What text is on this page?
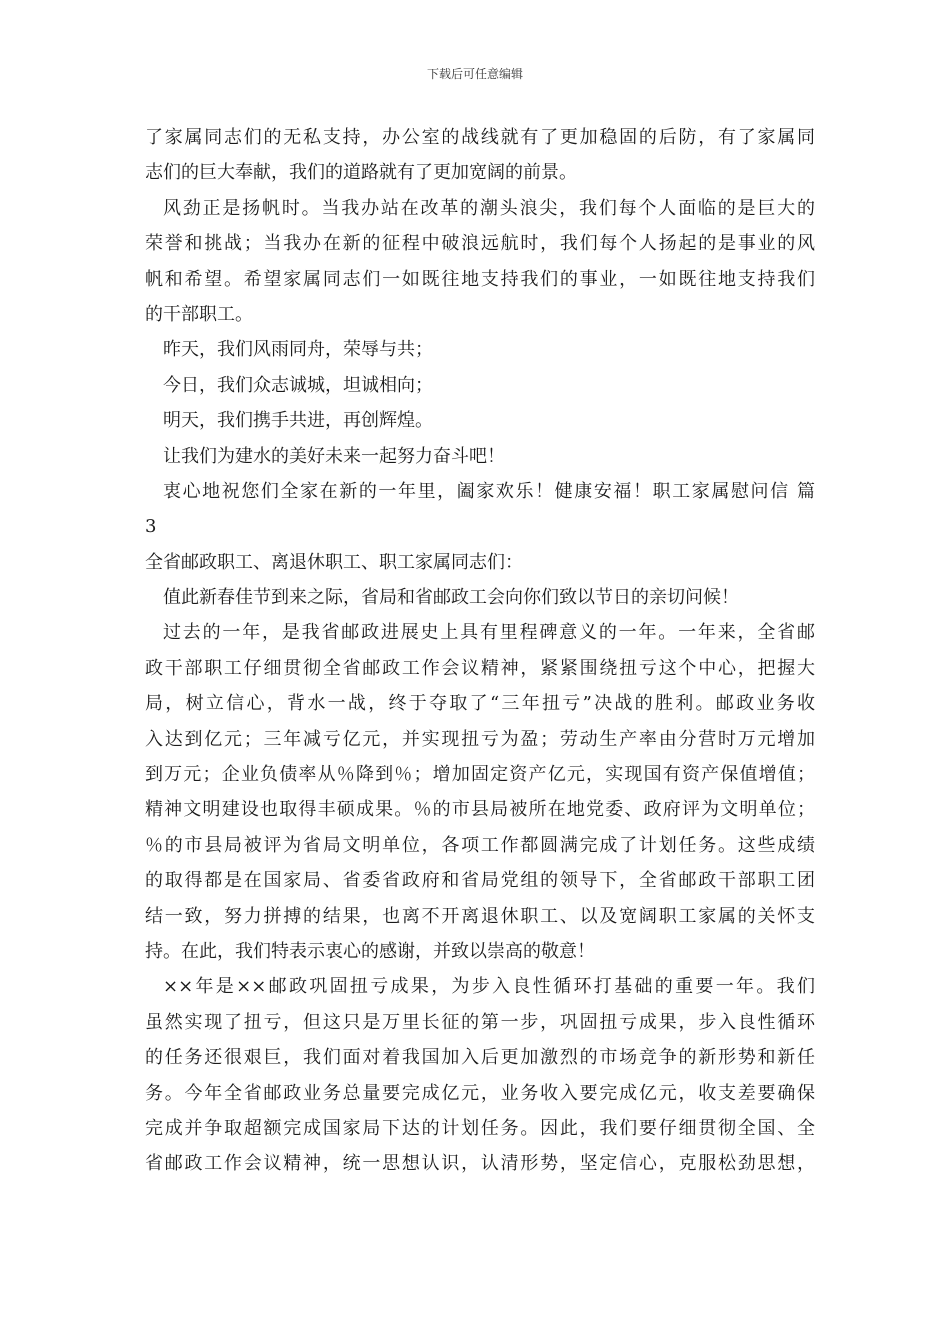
下载后可任意编辑
了家属同志们的无私支持，办公室的战线就有了更加稳固的后防，有了家属同
志们的巨大奉献，我们的道路就有了更加宽阔的前景。
风劲正是扬帆时。当我办站在改革的潮头浪尖，我们每个人面临的是巨大的
荣誉和挑战；当我办在新的征程中破浪远航时，我们每个人扬起的是事业的风
帆和希望。希望家属同志们一如既往地支持我们的事业，一如既往地支持我们
的干部职工。
昨天，我们风雨同舟，荣辱与共；
今日，我们众志诚城，坦诚相向；
明天，我们携手共进，再创辉煌。
让我们为建水的美好未来一起努力奋斗吧！
衷心地祝您们全家在新的一年里，阖家欢乐！健康安福！职工家属慰问信 篇
3
全省邮政职工、离退休职工、职工家属同志们：
值此新春佳节到来之际，省局和省邮政工会向你们致以节日的亲切问候！
过去的一年，是我省邮政进展史上具有里程碑意义的一年。一年来，全省邮
政干部职工仔细贯彻全省邮政工作会议精神，紧紧围绕扭亏这个中心，把握大
局，树立信心，背水一战，终于夺取了“三年扭亏”决战的胜利。邮政业务收
入达到亿元；三年减亏亿元，并实现扭亏为盈；劳动生产率由分营时万元增加
到万元；企业负债率从％降到％；增加固定资产亿元，实现国有资产保值增值；
精神文明建设也取得丰硕成果。％的市县局被所在地党委、政府评为文明单位；
％的市县局被评为省局文明单位，各项工作都圆满完成了计划任务。这些成绩
的取得都是在国家局、省委省政府和省局党组的领导下，全省邮政干部职工团
结一致，努力拼搏的结果，也离不开离退休职工、以及宽阔职工家属的关怀支
持。在此，我们特表示衷心的感谢，并致以崇高的敬意！
××年是××邮政巩固扭亏成果，为步入良性循环打基础的重要一年。我们
虽然实现了扭亏，但这只是万里长征的第一步，巩固扭亏成果，步入良性循环
的任务还很艰巨，我们面对着我国加入后更加激烈的市场竞争的新形势和新任
务。今年全省邮政业务总量要完成亿元，业务收入要完成亿元，收支差要确保
完成并争取超额完成国家局下达的计划任务。因此，我们要仔细贯彻全国、全
省邮政工作会议精神，统一思想认识，认清形势，坚定信心，克服松劲思想，
